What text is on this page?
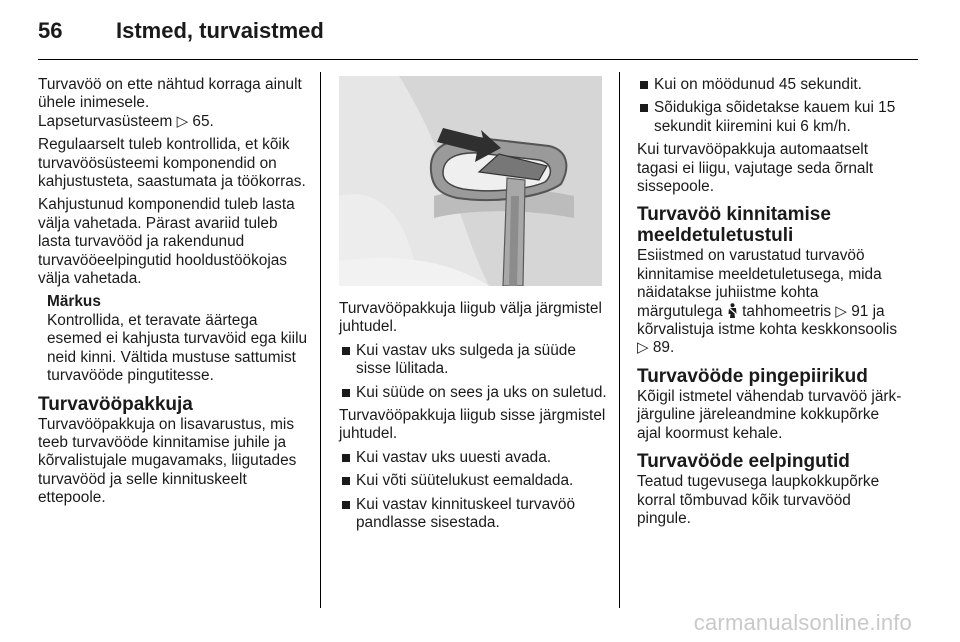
56	Istmed, turvaistmed

Turvavöö on ette nähtud korraga ainult ühele inimesele.
Lapseturvasüsteem ▷ 65.

Regulaarselt tuleb kontrollida, et kõik turvavöösüsteemi komponendid on kahjustusteta, saastumata ja töökorras.

Kahjustunud komponendid tuleb lasta välja vahetada. Pärast avariid tuleb lasta turvavööd ja rakendunud turvavööeelpingutid hooldustöökojas välja vahetada.

Märkus
Kontrollida, et teravate äärtega esemed ei kahjusta turvavöid ega kiilu neid kinni. Vältida mustuse sattumist turvavööde pingutitesse.
Turvavööpakkuja

Turvavööpakkuja on lisavarustus, mis teeb turvavööde kinnitamise juhile ja kõrvalistujale mugavamaks, liigutades turvavööd ja selle kinnituskeelt ettepoole.

Turvavööpakkuja liigub välja järgmistel juhtudel.

Kui vastav uks sulgeda ja süüde sisse lülitada.
Kui süüde on sees ja uks on suletud.

Turvavööpakkuja liigub sisse järgmistel juhtudel.

Kui vastav uks uuesti avada.
Kui võti süütelukust eemaldada.
Kui vastav kinnituskeel turvavöö pandlasse sisestada.
Kui on möödunud 45 sekundit.
Sõidukiga sõidetakse kauem kui 15 sekundit kiiremini kui 6 km/h.

Kui turvavööpakkuja automaatselt tagasi ei liigu, vajutage seda õrnalt sissepoole.

Turvavöö kinnitamise meeldetuletustuli

Esiistmed on varustatud turvavöö kinnitamise meeldetuletusega, mida näidatakse juhiistme kohta märgutulega  tahhomeetris ▷ 91 ja kõrvalistuja istme kohta keskkonsoolis ▷ 89.

Turvavööde pingepiirikud

Kõigil istmetel vähendab turvavöö järk-järguline järeleandmine kokkupõrke ajal koormust kehale.

Turvavööde eelpingutid

Teatud tugevusega laupkokkupõrke korral tõmbuvad kõik turvavööd pingule.

carmanualsonline.info
